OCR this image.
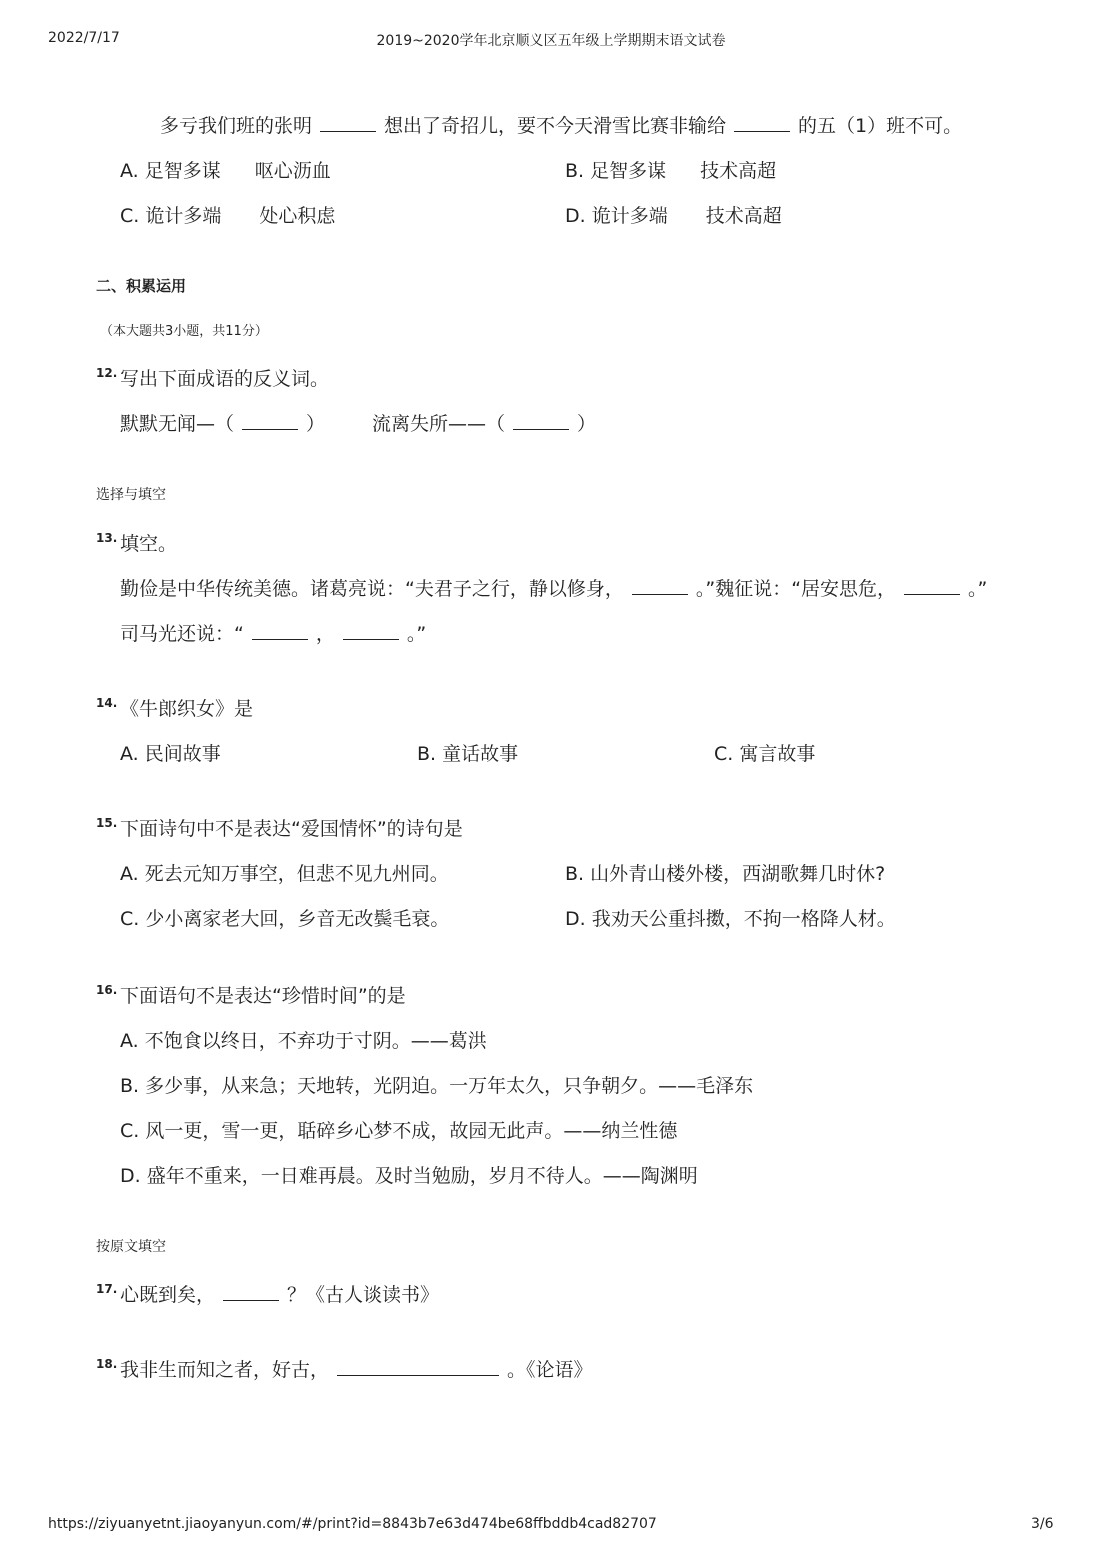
2022/7/17	2019~2020学年北京顺义区五年级上学期期末语文试卷
多亏我们班的张明	想出了奇招儿，要不今天滑雪比赛非输给	的五（1）班不可。
A. 足智多谋 呕心沥血	B. 足智多谋 技术高超
C. 诡计多端 处心积虑	D. 诡计多端 技术高超
二、积累运用
（本大题共3小题，共11分）
12. 写出下面成语的反义词。
默默无闻—（	） 流离失所——（	）
选择与填空
13. 填空。
勤俭是中华传统美德。诸葛亮说：“夫君子之行，静以修身，	。”魏征说：“居安思危，	。”
司马光还说：“	，	。”
14. 《牛郎织女》是
A. 民间故事	B. 童话故事	C. 寓言故事
15. 下面诗句中不是表达“爱国情怀”的诗句是
A. 死去元知万事空，但悲不见九州同。	B. 山外青山楼外楼，西湖歌舞几时休?
C. 少小离家老大回，乡音无改鬓毛衰。	D. 我劝天公重抖擞，不拘一格降人材。
16. 下面语句不是表达“珍惜时间”的是
A. 不饱食以终日，不弃功于寸阴。——葛洪
B. 多少事，从来急；天地转，光阴迫。一万年太久，只争朝夕。——毛泽东
C. 风一更，雪一更，聒碎乡心梦不成，故园无此声。——纳兰性德
D. 盛年不重来，一日难再晨。及时当勉励，岁月不待人。——陶渊明
按原文填空
17. 心既到矣，	？《古人谈读书》
18. 我非生而知之者，好古，	。《论语》
https://ziyuanyetnt.jiaoyanyun.com/#/print?id=8843b7e63d474be68ffbddb4cad82707	3/6
